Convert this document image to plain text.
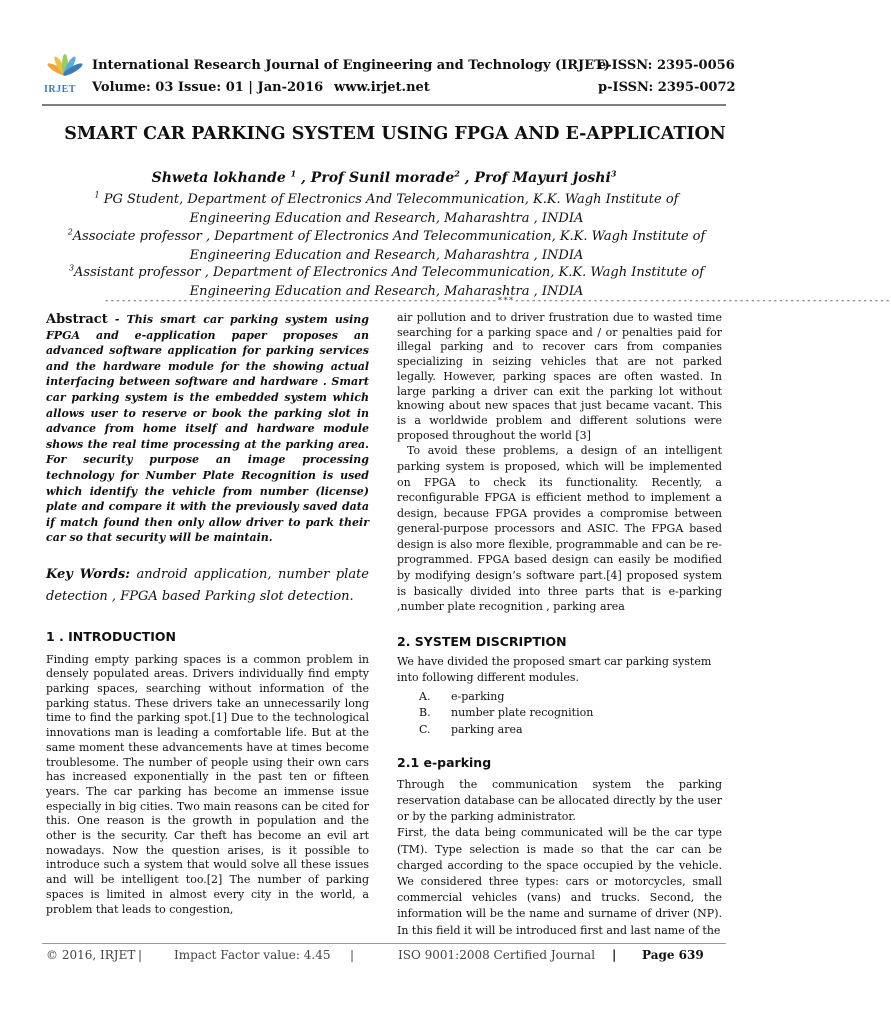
IRJET
International Research Journal of Engineering and Technology (IRJET)
Volume: 03 Issue: 01 | Jan-2016 www.irjet.net
e-ISSN: 2395-0056
p-ISSN: 2395-0072
SMART CAR PARKING SYSTEM USING FPGA AND E-APPLICATION
Shweta lokhande $^1$ , Prof Sunil morade$^2$ , Prof Mayuri joshi$^3$
$^1$ PG Student, Department of Electronics And Telecommunication, K.K. Wagh Institute of Engineering Education and Research, Maharashtra , INDIA
$^2$Associate professor , Department of Electronics And Telecommunication, K.K. Wagh Institute of Engineering Education and Research, Maharashtra , INDIA
$^3$Assistant professor , Department of Electronics And Telecommunication, K.K. Wagh Institute of Engineering Education and Research, Maharashtra , INDIA
----------------------------------------------------------------------***-------------------------------------------------------------------

Abstract - This smart car parking system using FPGA and e-application paper proposes an advanced software application for parking services and the hardware module for the showing actual interfacing between software and hardware . Smart car parking system is the embedded system which allows user to reserve or book the parking slot in advance from home itself and hardware module shows the real time processing at the parking area. For security purpose an image processing technology for Number Plate Recognition is used which identify the vehicle from number (license) plate and compare it with the previously saved data if match found then only allow driver to park their car so that security will be maintain.

Key Words: android application, number plate detection , FPGA based Parking slot detection.

1 . INTRODUCTION

Finding empty parking spaces is a common problem in densely populated areas. Drivers individually find empty parking spaces, searching without information of the parking status. These drivers take an unnecessarily long time to find the parking spot.[1] Due to the technological innovations man is leading a comfortable life. But at the same moment these advancements have at times become troublesome. The number of people using their own cars has increased exponentially in the past ten or fifteen years. The car parking has become an immense issue especially in big cities. Two main reasons can be cited for this. One reason is the growth in population and the other is the security. Car theft has become an evil art nowadays. Now the question arises, is it possible to introduce such a system that would solve all these issues and will be intelligent too.[2] The number of parking spaces is limited in almost every city in the world, a problem that leads to congestion,

air pollution and to driver frustration due to wasted time searching for a parking space and / or penalties paid for illegal parking and to recover cars from companies specializing in seizing vehicles that are not parked legally. However, parking spaces are often wasted. In large parking a driver can exit the parking lot without knowing about new spaces that just became vacant. This is a worldwide problem and different solutions were proposed throughout the world [3]

To avoid these problems, a design of an intelligent parking system is proposed, which will be implemented on FPGA to check its functionality. Recently, a reconfigurable FPGA is efficient method to implement a design, because FPGA provides a compromise between general-purpose processors and ASIC. The FPGA based design is also more flexible, programmable and can be re-programmed. FPGA based design can easily be modified by modifying design’s software part.[4] proposed system is basically divided into three parts that is e-parking ,number plate recognition , parking area

2. SYSTEM DISCRIPTION
We have divided the proposed smart car parking system
into following different modules.
A.	e-parking
B.	number plate recognition
C.	parking area
2.1 e-parking

Through the communication system the parking reservation database can be allocated directly by the user or by the parking administrator.

First, the data being communicated will be the car type (TM). Type selection is made so that the car can be charged according to the space occupied by the vehicle. We considered three types: cars or motorcycles, small commercial vehicles (vans) and trucks. Second, the information will be the name and surname of driver (NP). In this field it will be introduced first and last name of the

© 2016, IRJET |	Impact Factor value: 4.45 |	ISO 9001:2008 Certified Journal | Page 639
